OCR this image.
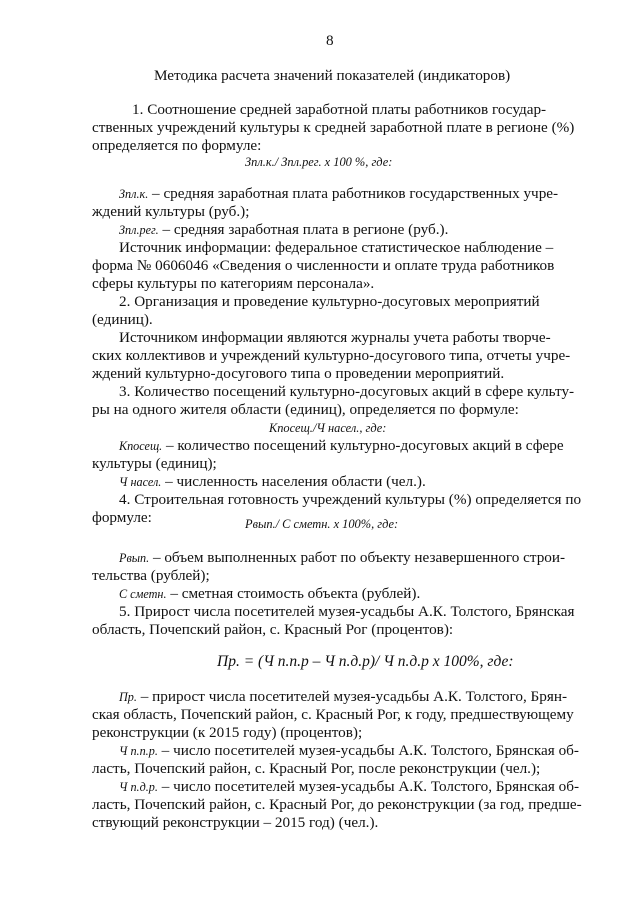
8
Методика расчета значений показателей (индикаторов)
1. Соотношение средней заработной платы работников государ-
ственных учреждений культуры к средней заработной плате в регионе (%)
определяется по формуле:
Зпл.к./ Зпл.рег. х 100 %, где:
Зпл.к. – средняя заработная плата работников государственных учре-
ждений культуры (руб.);
Зпл.рег. – средняя заработная плата в регионе (руб.).
Источник информации: федеральное статистическое наблюдение –
форма № 0606046 «Сведения о численности и оплате труда работников
сферы культуры по категориям персонала».
2. Организация и проведение культурно-досуговых мероприятий
(единиц).
Источником информации являются журналы учета работы творче-
ских коллективов и учреждений культурно-досугового типа, отчеты учре-
ждений культурно-досугового типа о проведении мероприятий.
3. Количество посещений культурно-досуговых акций в сфере культу-
ры на одного жителя области (единиц), определяется по формуле:
Кпосещ./Ч насел., где:
Кпосещ. – количество посещений культурно-досуговых акций в сфере
культуры (единиц);
Ч насел. – численность населения области (чел.).
4. Строительная готовность учреждений культуры (%) определяется по
формуле:	Рвып./ С сметн. х 100%, где:
Рвып. – объем выполненных работ по объекту незавершенного строи-
тельства (рублей);
С сметн. – сметная стоимость объекта (рублей).
5. Прирост числа посетителей музея-усадьбы А.К. Толстого, Брянская
область, Почепский район, с. Красный Рог (процентов):
Пр. = (Ч п.п.р – Ч п.д.р)/ Ч п.д.р х 100%, где:
Пр. – прирост числа посетителей музея-усадьбы А.К. Толстого, Брян-
ская область, Почепский район, с. Красный Рог, к году, предшествующему
реконструкции (к 2015 году) (процентов);
Ч п.п.р. – число посетителей музея-усадьбы А.К. Толстого, Брянская об-
ласть, Почепский район, с. Красный Рог, после реконструкции (чел.);
Ч п.д.р. – число посетителей музея-усадьбы А.К. Толстого, Брянская об-
ласть, Почепский район, с. Красный Рог, до реконструкции (за год, предше-
ствующий реконструкции – 2015 год) (чел.).
